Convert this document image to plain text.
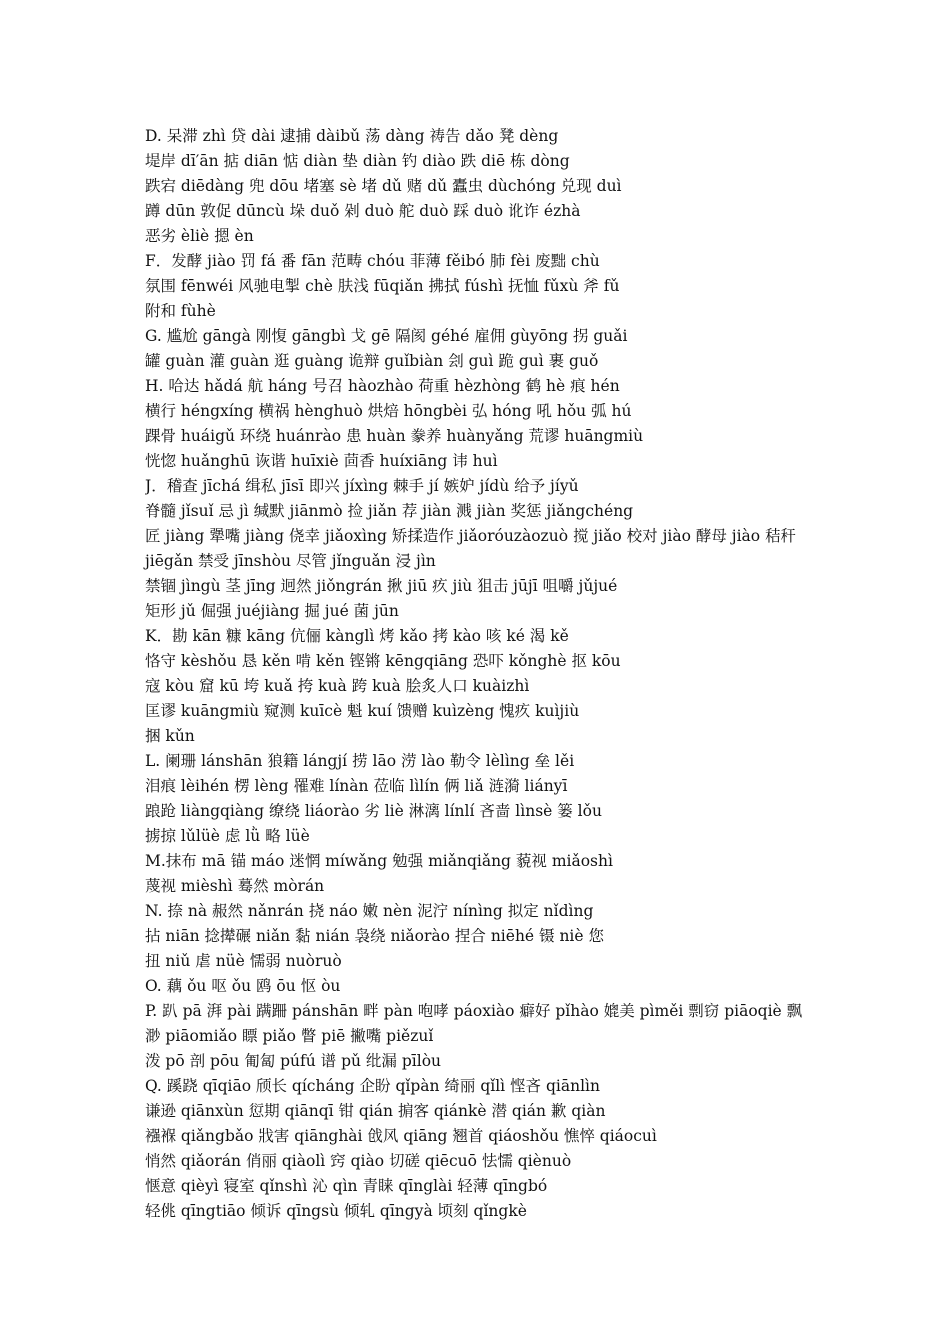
D. 呆滞 zhì 贷 dài 逮捕 dàibǔ 荡 dàng 祷告 dǎo 凳 dèng
堤岸 dī′ān 掂 diān 惦 diàn 垫 diàn 钓 diào 跌 diē 栋 dòng
跌宕 diēdàng 兜 dōu 堵塞 sè 堵 dǔ 赌 dǔ 蠹虫 dùchóng 兑现 duì
蹲 dūn 敦促 dūncù 垛 duǒ 剁 duò 舵 duò 踩 duò 讹诈 ézhà
恶劣 èliè 摁 èn
F．发酵 jiào 罚 fá 番 fān 范畴 chóu 菲薄 fěibó 肺 fèi 废黜 chù
氛围 fēnwéi 风驰电掣 chè 肤浅 fūqiǎn 拂拭 fúshì 抚恤 fǔxù 斧 fǔ
附和 fùhè
G. 尴尬 gāngà 刚愎 gāngbì 戈 gē 隔阂 géhé 雇佣 gùyōng 拐 guǎi
罐 guàn 灌 guàn 逛 guàng 诡辩 guǐbiàn 刽 guì 跪 guì 裹 guǒ
H. 哈达 hǎdá 航 háng 号召 hàozhào 荷重 hèzhòng 鹤 hè 痕 hén
横行 héngxíng 横祸 hènghuò 烘焙 hōngbèi 弘 hóng 吼 hǒu 弧 hú
踝骨 huáigǔ 环绕 huánrào 患 huàn 豢养 huànyǎng 荒谬 huāngmiù
恍惚 huǎnghū 诙谐 huīxiè 茴香 huíxiāng 讳 huì
J．稽查 jīchá 缉私 jīsī 即兴 jíxìng 棘手 jí 嫉妒 jídù 给予 jíyǔ
脊髓 jǐsuǐ 忌 jì 缄默 jiānmò 捡 jiǎn 荐 jiàn 溅 jiàn 奖惩 jiǎngchéng
匠 jiàng 犟嘴 jiàng 侥幸 jiǎoxìng 矫揉造作 jiǎoróuzàozuò 搅 jiǎo 校对 jiào 酵母 jiào 秸秆 jiēgǎn 禁受 jīnshòu 尽管 jǐnguǎn 浸 jìn
禁锢 jìngù 茎 jīng 迥然 jiǒngrán 揪 jiū 疚 jiù 狙击 jūjī 咀嚼 jǔjué
矩形 jǔ 倔强 juéjiàng 掘 jué 菌 jūn
K．勘 kān 糠 kāng 伉俪 kànglì 烤 kǎo 拷 kào 咳 ké 渴 kě
恪守 kèshǒu 恳 kěn 啃 kěn 铿锵 kēngqiāng 恐吓 kǒnghè 抠 kōu
寇 kòu 窟 kū 垮 kuǎ 挎 kuà 跨 kuà 脍炙人口 kuàizhì
匡谬 kuāngmiù 窥测 kuīcè 魁 kuí 馈赠 kuìzèng 愧疚 kuìjiù
捆 kǔn
L. 阑珊 lánshān 狼籍 lángjí 捞 lāo 涝 lào 勒令 lèlìng 垒 lěi
泪痕 lèihén 楞 lèng 罹难 línàn 莅临 lìlín 俩 liǎ 涟漪 liányī
踉跄 liàngqiàng 缭绕 liáorào 劣 liè 淋漓 línlí 吝啬 lìnsè 篓 lǒu
掳掠 lǔlüè 虑 lǜ 略 lüè
M.抹布 mā 锚 máo 迷惘 míwǎng 勉强 miǎnqiǎng 藐视 miǎoshì
蔑视 mièshì 蓦然 mòrán
N. 捺 nà 赧然 nǎnrán 挠 náo 嫩 nèn 泥泞 nínìng 拟定 nǐdìng
拈 niān 捻撵碾 niǎn 黏 nián 袅绕 niǎorào 捏合 niēhé 镊 niè 您
扭 niǔ 虐 nüè 懦弱 nuòruò
O. 藕 ǒu 呕 ǒu 鸥 ōu 怄 òu
P. 趴 pā 湃 pài 蹒跚 pánshān 畔 pàn 咆哮 páoxiào 癖好 pǐhào 媲美 pìměi 剽窃 piāoqiè 飘渺 piāomiǎo 瞟 piǎo 瞥 piē 撇嘴 piězuǐ
泼 pō 剖 pōu 匍匐 púfú 谱 pǔ 纰漏 pīlòu
Q. 蹊跷 qīqiāo 颀长 qícháng 企盼 qǐpàn 绮丽 qǐlì 悭吝 qiānlìn
谦逊 qiānxùn 愆期 qiānqī 钳 qián 掮客 qiánkè 潜 qián 歉 qiàn
襁褓 qiǎngbǎo 戕害 qiānghài 戗风 qiāng 翘首 qiáoshǒu 憔悴 qiáocuì
悄然 qiǎorán 俏丽 qiàolì 窍 qiào 切磋 qiēcuō 怯懦 qiènuò
惬意 qièyì 寝室 qǐnshì 沁 qìn 青睐 qīnglài 轻薄 qīngbó
轻佻 qīngtiāo 倾诉 qīngsù 倾轧 qīngyà 顷刻 qǐngkè
